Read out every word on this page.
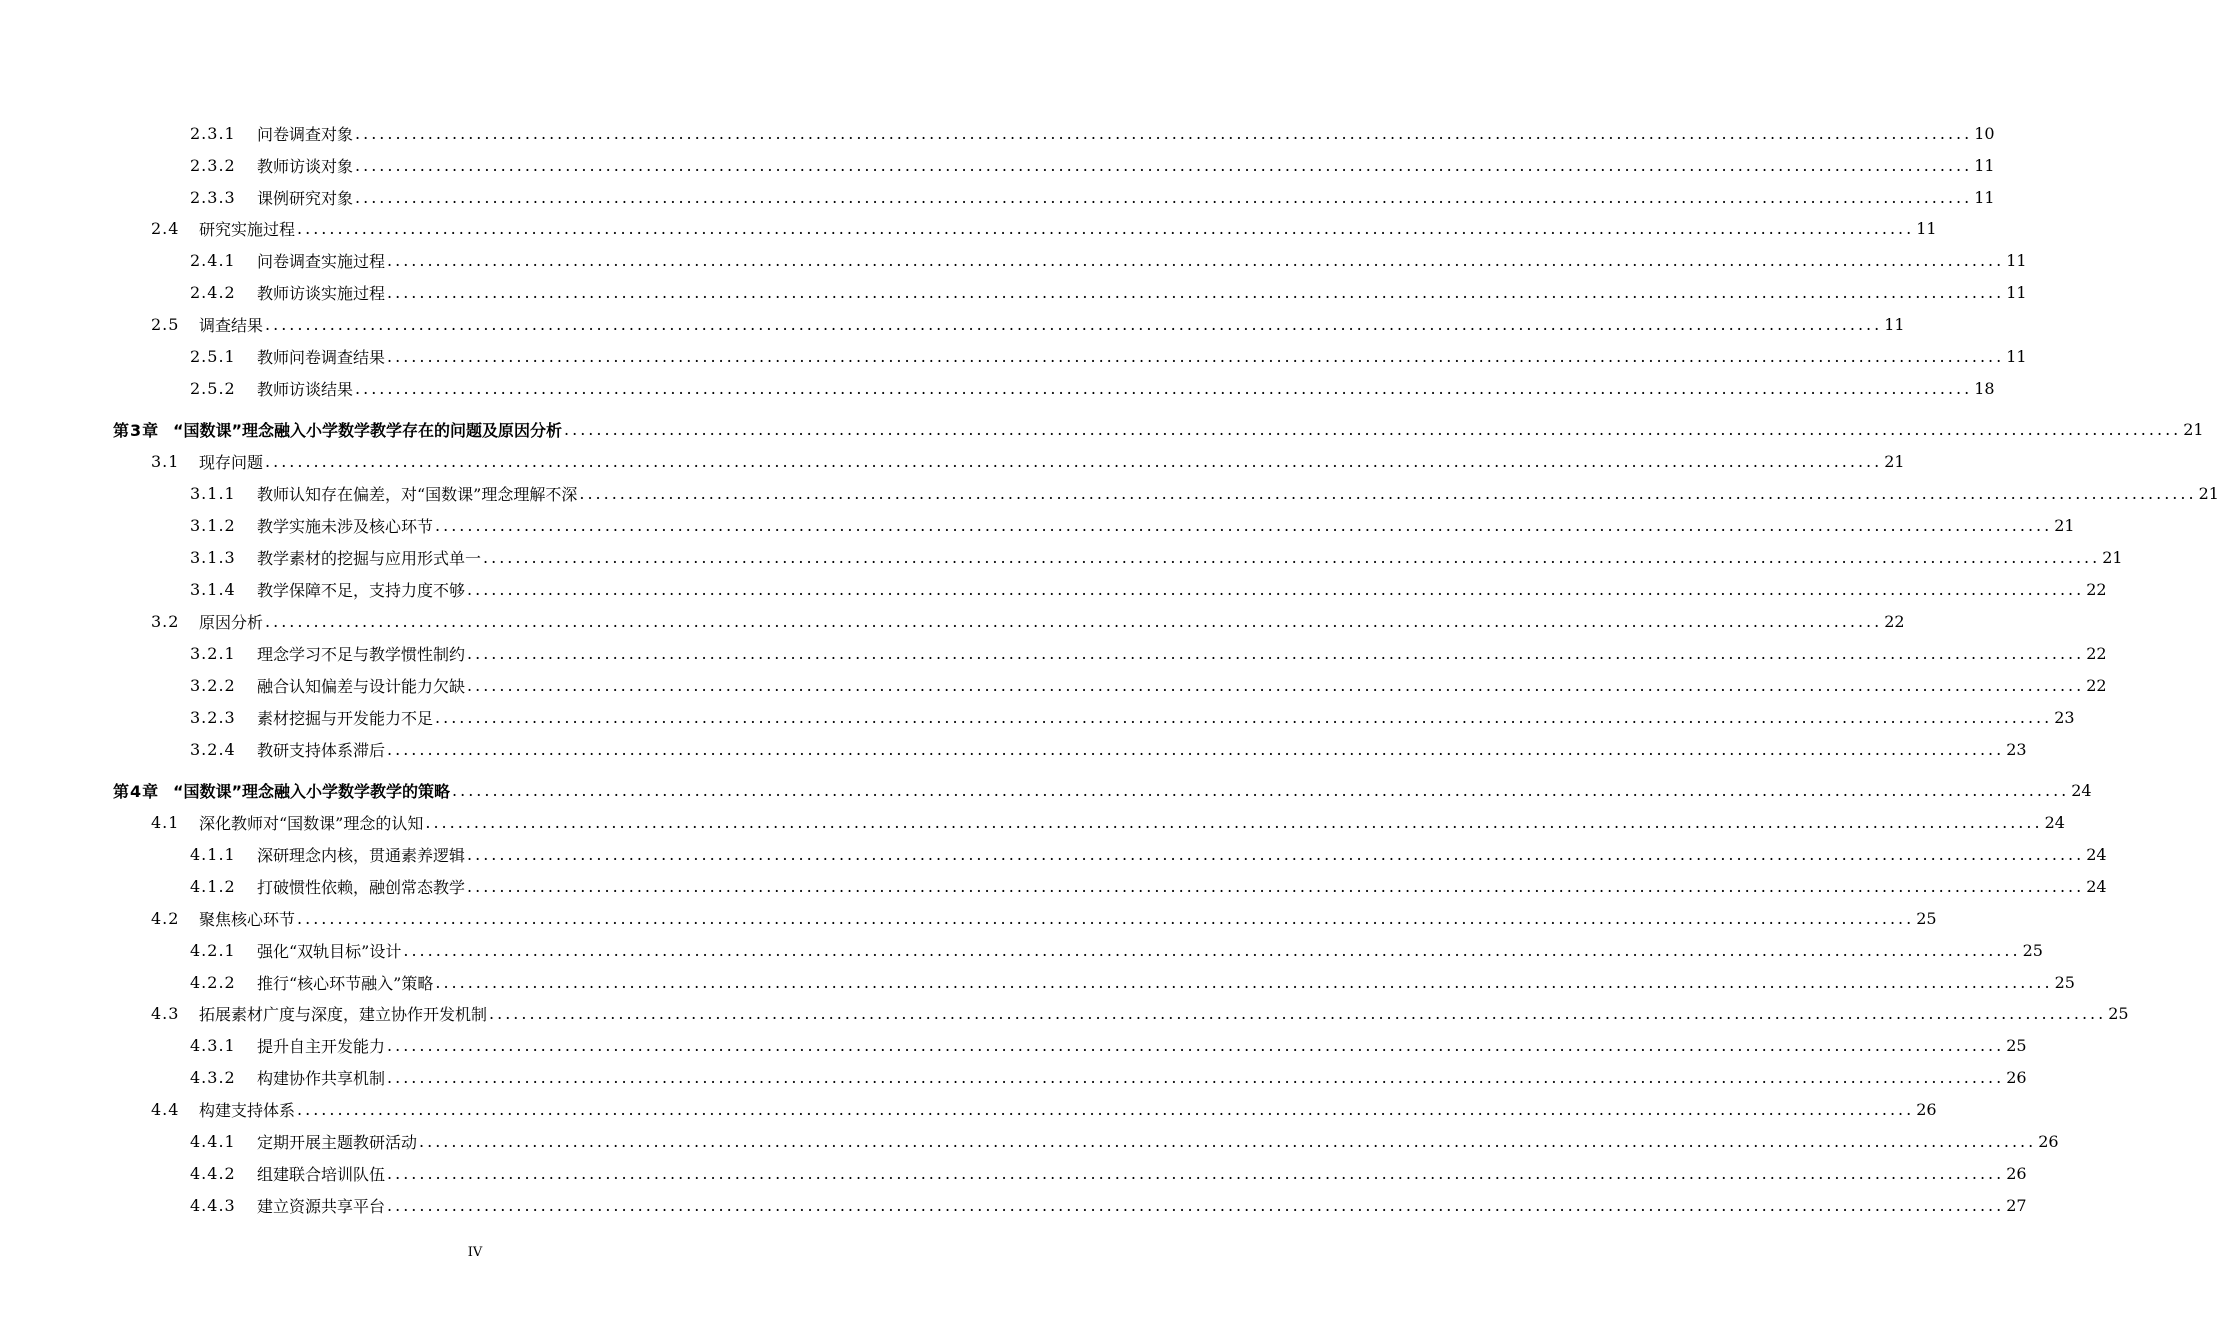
2.3.1	问卷调查对象 ........................................................................................................................................................................................................ 10
2.3.2	教师访谈对象 ........................................................................................................................................................................................................ 11
2.3.3	课例研究对象 ........................................................................................................................................................................................................ 11
2.4	研究实施过程 ........................................................................................................................................................................................................ 11
2.4.1	问卷调查实施过程 ........................................................................................................................................................................................................ 11
2.4.2	教师访谈实施过程 ........................................................................................................................................................................................................ 11
2.5	调查结果 ........................................................................................................................................................................................................ 11
2.5.1	教师问卷调查结果 ........................................................................................................................................................................................................ 11
2.5.2	教师访谈结果 ........................................................................................................................................................................................................ 18
第3章 “国数课”理念融入小学数学教学存在的问题及原因分析 ........................................................................................................................................................................................................ 21
3.1	现存问题 ........................................................................................................................................................................................................ 21
3.1.1	教师认知存在偏差，对“国数课”理念理解不深 ........................................................................................................................................................................................................ 21
3.1.2	教学实施未涉及核心环节 ........................................................................................................................................................................................................ 21
3.1.3	教学素材的挖掘与应用形式单一 ........................................................................................................................................................................................................ 21
3.1.4	教学保障不足，支持力度不够 ........................................................................................................................................................................................................ 22
3.2	原因分析 ........................................................................................................................................................................................................ 22
3.2.1	理念学习不足与教学惯性制约 ........................................................................................................................................................................................................ 22
3.2.2	融合认知偏差与设计能力欠缺 ........................................................................................................................................................................................................ 22
3.2.3	素材挖掘与开发能力不足 ........................................................................................................................................................................................................ 23
3.2.4	教研支持体系滞后 ........................................................................................................................................................................................................ 23
第4章 “国数课”理念融入小学数学教学的策略 ........................................................................................................................................................................................................ 24
4.1	深化教师对“国数课”理念的认知 ........................................................................................................................................................................................................ 24
4.1.1	深研理念内核，贯通素养逻辑 ........................................................................................................................................................................................................ 24
4.1.2	打破惯性依赖，融创常态教学 ........................................................................................................................................................................................................ 24
4.2	聚焦核心环节 ........................................................................................................................................................................................................ 25
4.2.1	强化“双轨目标”设计 ........................................................................................................................................................................................................ 25
4.2.2	推行“核心环节融入”策略 ........................................................................................................................................................................................................ 25
4.3	拓展素材广度与深度，建立协作开发机制 ........................................................................................................................................................................................................ 25
4.3.1	提升自主开发能力 ........................................................................................................................................................................................................ 25
4.3.2	构建协作共享机制 ........................................................................................................................................................................................................ 26
4.4	构建支持体系 ........................................................................................................................................................................................................ 26
4.4.1	定期开展主题教研活动 ........................................................................................................................................................................................................ 26
4.4.2	组建联合培训队伍 ........................................................................................................................................................................................................ 26
4.4.3	建立资源共享平台 ........................................................................................................................................................................................................ 27
IV
